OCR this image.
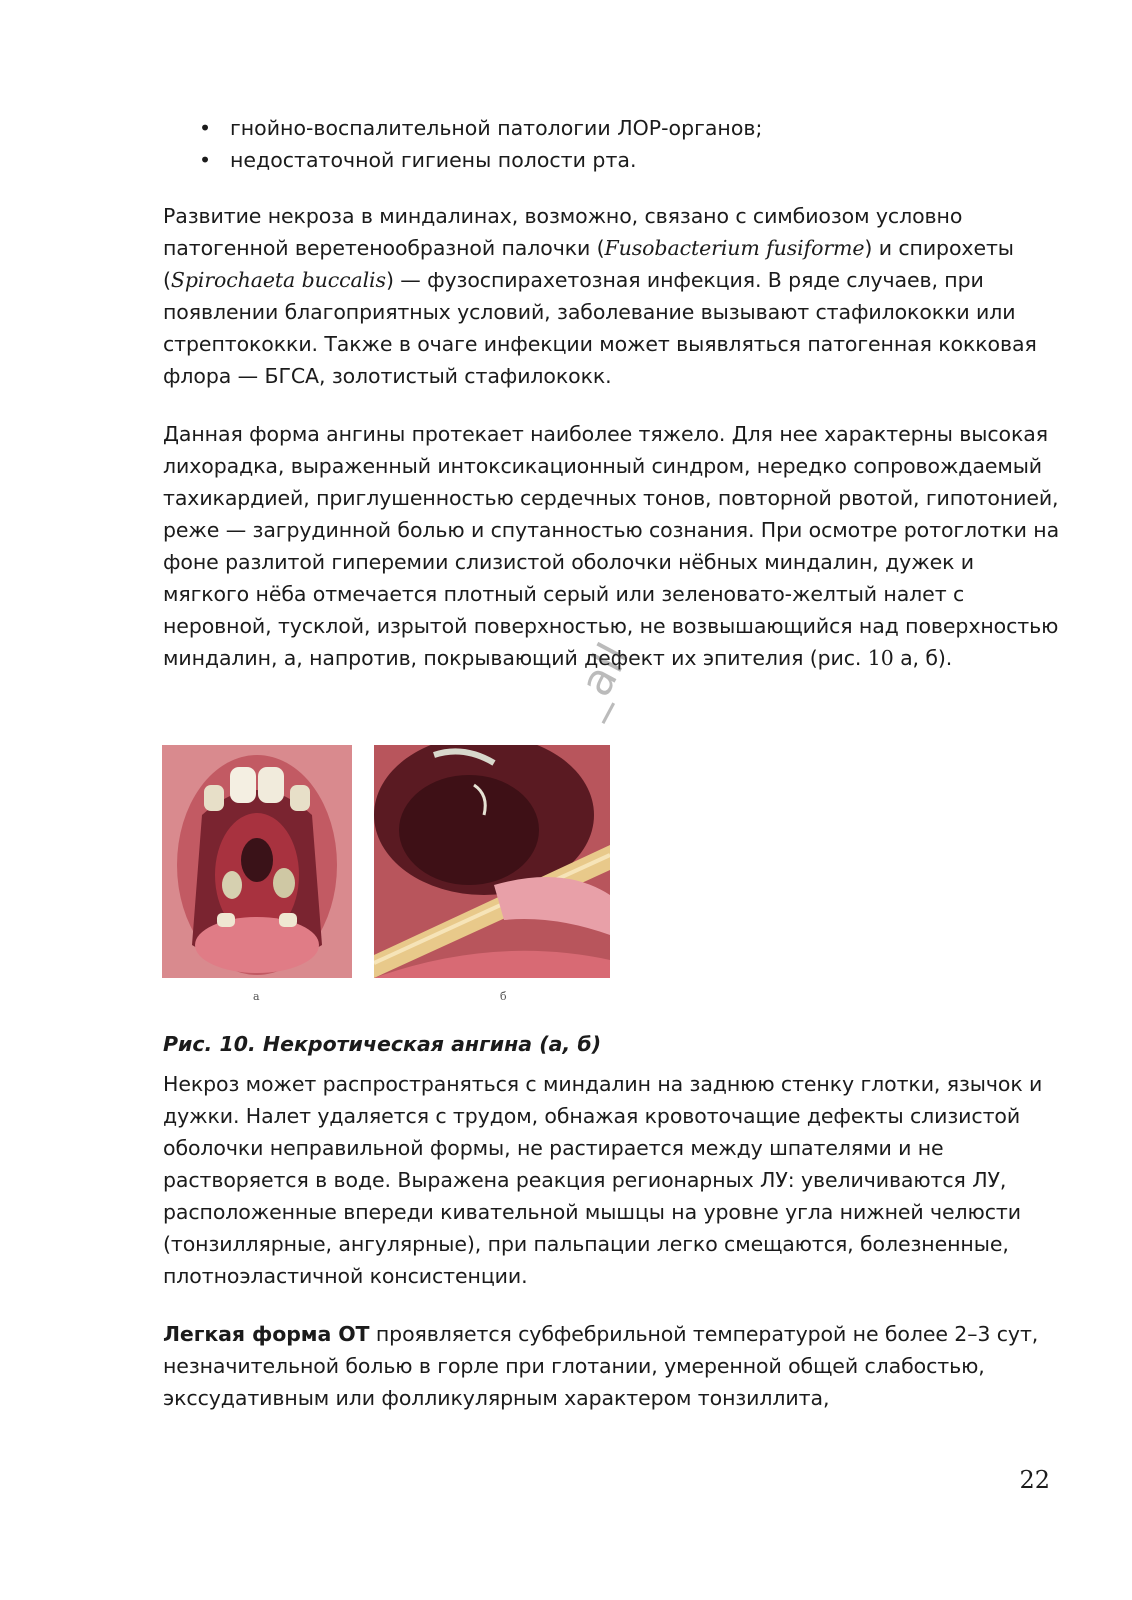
• гнойно-воспалительной патологии ЛОР-органов;
• недостаточной гигиены полости рта.

Развитие некроза в миндалинах, возможно, связано с симбиозом условно патогенной веретенообразной палочки (Fusobacterium fusiforme) и спирохеты (Spirochaeta buccalis) — фузоспирахетозная инфекция. В ряде случаев, при появлении благоприятных условий, заболевание вызывают стафилококки или стрептококки. Также в очаге инфекции может выявляться патогенная кокковая флора — БГСА, золотистый стафилококк.

Данная форма ангины протекает наиболее тяжело. Для нее характерны высокая лихорадка, выраженный интоксикационный синдром, нередко сопровождаемый тахикардией, приглушенностью сердечных тонов, повторной рвотой, гипотонией, реже — загрудинной болью и спутанностью сознания. При осмотре ротоглотки на фоне разлитой гиперемии слизистой оболочки нёбных миндалин, дужек и мягкого нёба отмечается плотный серый или зеленовато-желтый налет с неровной, тусклой, изрытой поверхностью, не возвышающийся над поверхностью миндалин, а, напротив, покрывающий дефект их эпителия (рис. 10 а, б).

_all
а	б
Рис. 10. Некротическая ангина (а, б)

Некроз может распространяться с миндалин на заднюю стенку глотки, язычок и дужки. Налет удаляется с трудом, обнажая кровоточащие дефекты слизистой оболочки неправильной формы, не растирается между шпателями и не растворяется в воде. Выражена реакция регионарных ЛУ: увеличиваются ЛУ, расположенные впереди кивательной мышцы на уровне угла нижней челюсти (тонзиллярные, ангулярные), при пальпации легко смещаются, болезненные, плотноэластичной консистенции.

Легкая форма ОТ проявляется субфебрильной температурой не более 2–3 сут, незначительной болью в горле при глотании, умеренной общей слабостью, экссудативным или фолликулярным характером тонзиллита,

22
